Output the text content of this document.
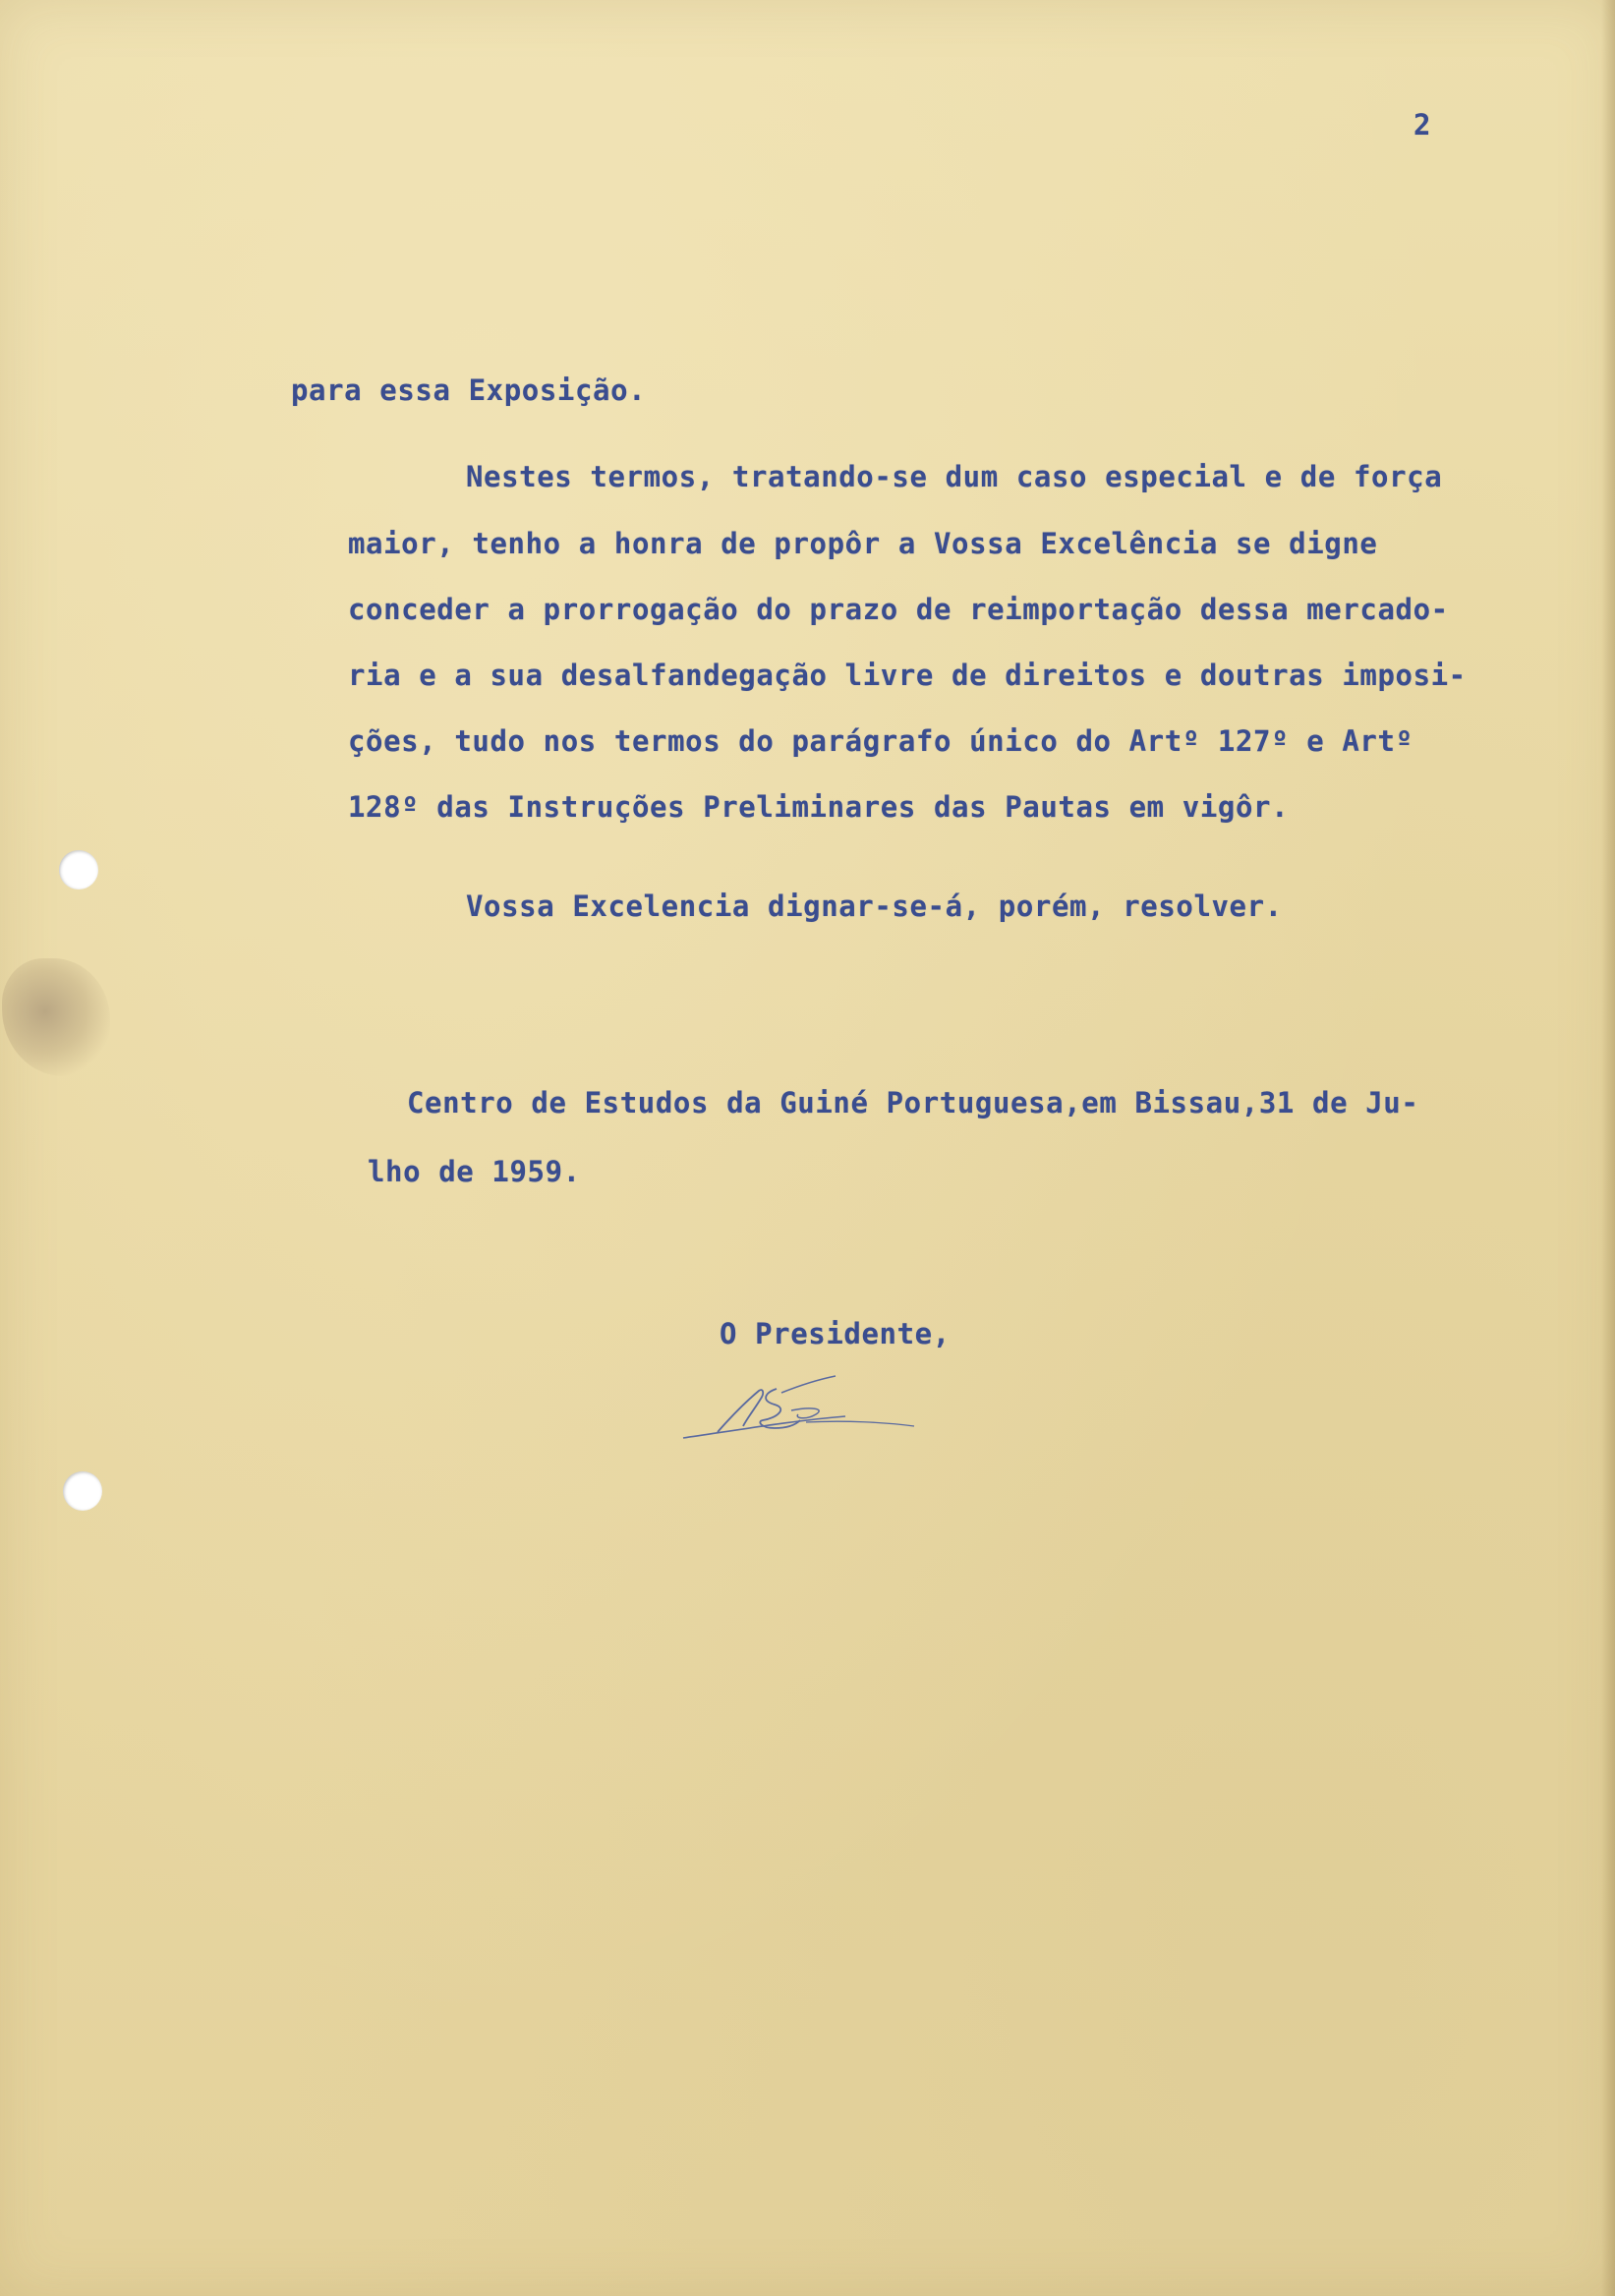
2
para essa Exposição.
Nestes termos, tratando-se dum caso especial e de força
maior, tenho a honra de propôr a Vossa Excelência se digne
conceder a prorrogação do prazo de reimportação dessa mercado-
ria e a sua desalfandegação livre de direitos e doutras imposi-
ções, tudo nos termos do parágrafo único do Artº 127º e Artº
128º das Instruções Preliminares das Pautas em vigôr.
Vossa Excelencia dignar-se-á, porém, resolver.
Centro de Estudos da Guiné Portuguesa,em Bissau,31 de Ju-
lho de 1959.
O Presidente,
